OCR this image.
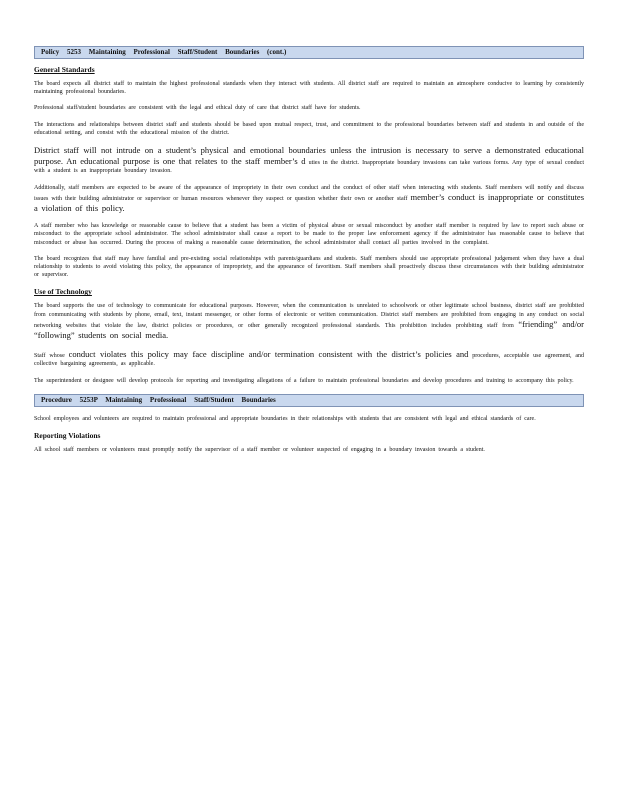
Policy 5253 Maintaining Professional Staff/Student Boundaries (cont.)
General Standards
The board expects all district staff to maintain the highest professional standards when they interact with students. All district staff are required to maintain an atmosphere conducive to learning by consistently maintaining professional boundaries.
Professional staff/student boundaries are consistent with the legal and ethical duty of care that district staff have for students.
The interactions and relationships between district staff and students should be based upon mutual respect, trust, and commitment to the professional boundaries between staff and students in and outside of the educational setting, and consist with the educational mission of the district.
District staff will not intrude on a student’s physical and emotional boundaries unless the intrusion is necessary to serve a demonstrated educational purpose. An educational purpose is one that relates to the staff member’s d uties in the district. Inappropriate boundary invasions can take various forms. Any type of sexual conduct with a student is an inappropriate boundary invasion.
Additionally, staff members are expected to be aware of the appearance of impropriety in their own conduct and the conduct of other staff when interacting with students. Staff members will notify and discuss issues with their building administrator or supervisor or human resources whenever they suspect or question whether their own or another staff member’s conduct is inappropriate or constitutes a violation of this policy.
A staff member who has knowledge or reasonable cause to believe that a student has been a victim of physical abuse or sexual misconduct by another staff member is required by law to report such abuse or misconduct to the appropriate school administrator. The school administrator shall cause a report to be made to the proper law enforcement agency if the administrator has reasonable cause to believe that misconduct or abuse has occurred. During the process of making a reasonable cause determination, the school administrator shall contact all parties involved in the complaint.
The board recognizes that staff may have familial and pre-existing social relationships with parents/guardians and students. Staff members should use appropriate professional judgement when they have a dual relationship to students to avoid violating this policy, the appearance of impropriety, and the appearance of favoritism. Staff members shall proactively discuss these circumstances with their building administrator or supervisor.
Use of Technology
The board supports the use of technology to communicate for educational purposes. However, when the communication is unrelated to schoolwork or other legitimate school business, district staff are prohibited from communicating with students by phone, email, text, instant messenger, or other forms of electronic or written communication. District staff members are prohibited from engaging in any conduct on social networking websites that violate the law, district policies or procedures, or other generally recognized professional standards. This prohibition includes prohibiting staff from “friending” and/or “following” students on social media.
Staff whose conduct violates this policy may face discipline and/or termination consistent with the district’s policies and procedures, acceptable use agreement, and collective bargaining agreements, as applicable.
The superintendent or designee will develop protocols for reporting and investigating allegations of a failure to maintain professional boundaries and develop procedures and training to accompany this policy.
Procedure 5253P Maintaining Professional Staff/Student Boundaries
School employees and volunteers are required to maintain professional and appropriate boundaries in their relationships with students that are consistent with legal and ethical standards of care.
Reporting Violations
All school staff members or volunteers must promptly notify the supervisor of a staff member or volunteer suspected of engaging in a boundary invasion towards a student.
